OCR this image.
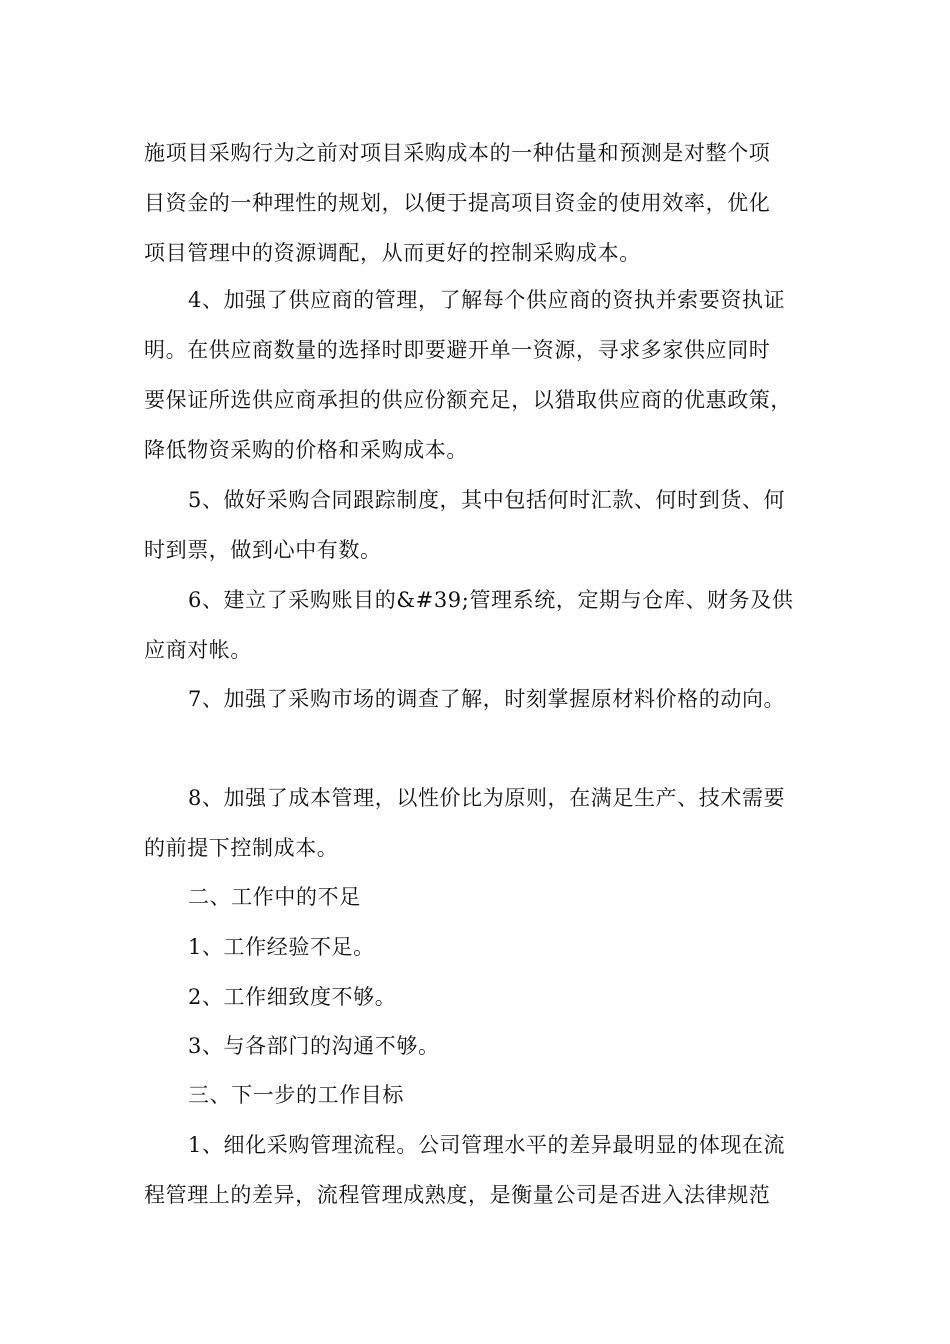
施项目采购行为之前对项目采购成本的一种估量和预测是对整个项
目资金的一种理性的规划，以便于提高项目资金的使用效率，优化
项目管理中的资源调配，从而更好的控制采购成本。
4、加强了供应商的管理，了解每个供应商的资执并索要资执证
明。在供应商数量的选择时即要避开单一资源，寻求多家供应同时
要保证所选供应商承担的供应份额充足，以猎取供应商的优惠政策，
降低物资采购的价格和采购成本。
5、做好采购合同跟踪制度，其中包括何时汇款、何时到货、何
时到票，做到心中有数。
6、建立了采购账目的&#39;管理系统，定期与仓库、财务及供
应商对帐。
7、加强了采购市场的调查了解，时刻掌握原材料价格的动向。
8、加强了成本管理，以性价比为原则，在满足生产、技术需要
的前提下控制成本。
二、工作中的不足
1、工作经验不足。
2、工作细致度不够。
3、与各部门的沟通不够。
三、下一步的工作目标
1、细化采购管理流程。公司管理水平的差异最明显的体现在流
程管理上的差异，流程管理成熟度，是衡量公司是否进入法律规范
